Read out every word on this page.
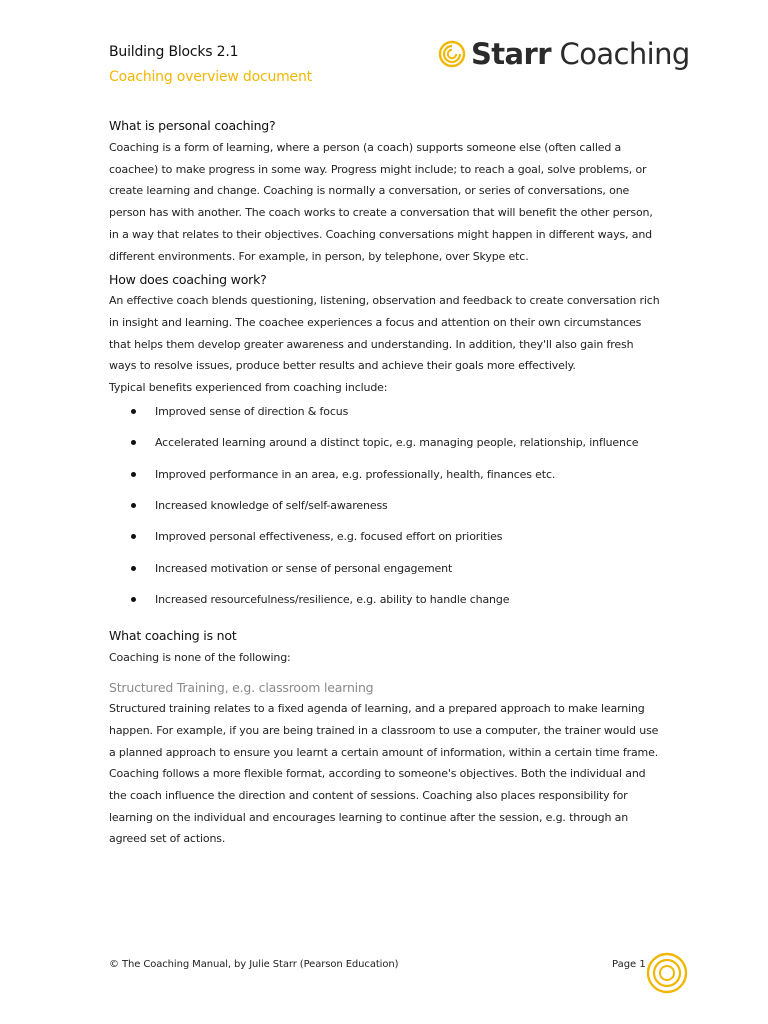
Building Blocks 2.1
Coaching overview document
Starr Coaching
What is personal coaching?

Coaching is a form of learning, where a person (a coach) supports someone else (often called a coachee) to make progress in some way. Progress might include; to reach a goal, solve problems, or create learning and change. Coaching is normally a conversation, or series of conversations, one person has with another. The coach works to create a conversation that will benefit the other person, in a way that relates to their objectives. Coaching conversations might happen in different ways, and different environments. For example, in person, by telephone, over Skype etc.

How does coaching work?

An effective coach blends questioning, listening, observation and feedback to create conversation rich in insight and learning. The coachee experiences a focus and attention on their own circumstances that helps them develop greater awareness and understanding. In addition, they'll also gain fresh ways to resolve issues, produce better results and achieve their goals more effectively.

Typical benefits experienced from coaching include:

Improved sense of direction & focus
Accelerated learning around a distinct topic, e.g. managing people, relationship, influence
Improved performance in an area, e.g. professionally, health, finances etc.
Increased knowledge of self/self-awareness
Improved personal effectiveness, e.g. focused effort on priorities
Increased motivation or sense of personal engagement
Increased resourcefulness/resilience, e.g. ability to handle change
What coaching is not

Coaching is none of the following:

Structured Training, e.g. classroom learning

Structured training relates to a fixed agenda of learning, and a prepared approach to make learning happen. For example, if you are being trained in a classroom to use a computer, the trainer would use a planned approach to ensure you learnt a certain amount of information, within a certain time frame.

Coaching follows a more flexible format, according to someone's objectives. Both the individual and the coach influence the direction and content of sessions. Coaching also places responsibility for learning on the individual and encourages learning to continue after the session, e.g. through an agreed set of actions.

© The Coaching Manual, by Julie Starr (Pearson Education)	Page 1
